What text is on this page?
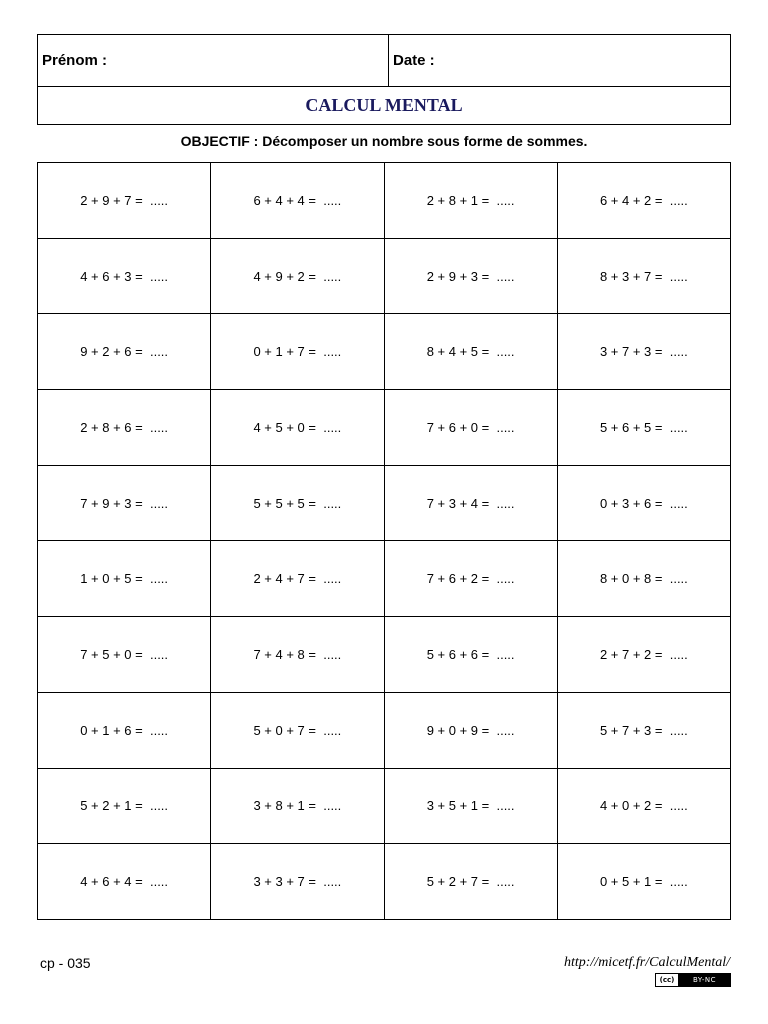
Prénom :	Date :
CALCUL MENTAL
OBJECTIF : Décomposer un nombre sous forme de sommes.
2 + 9 + 7 =  .....	6 + 4 + 4 =  .....	2 + 8 + 1 =  .....	6 + 4 + 2 =  .....
4 + 6 + 3 =  .....	4 + 9 + 2 =  .....	2 + 9 + 3 =  .....	8 + 3 + 7 =  .....
9 + 2 + 6 =  .....	0 + 1 + 7 =  .....	8 + 4 + 5 =  .....	3 + 7 + 3 =  .....
2 + 8 + 6 =  .....	4 + 5 + 0 =  .....	7 + 6 + 0 =  .....	5 + 6 + 5 =  .....
7 + 9 + 3 =  .....	5 + 5 + 5 =  .....	7 + 3 + 4 =  .....	0 + 3 + 6 =  .....
1 + 0 + 5 =  .....	2 + 4 + 7 =  .....	7 + 6 + 2 =  .....	8 + 0 + 8 =  .....
7 + 5 + 0 =  .....	7 + 4 + 8 =  .....	5 + 6 + 6 =  .....	2 + 7 + 2 =  .....
0 + 1 + 6 =  .....	5 + 0 + 7 =  .....	9 + 0 + 9 =  .....	5 + 7 + 3 =  .....
5 + 2 + 1 =  .....	3 + 8 + 1 =  .....	3 + 5 + 1 =  .....	4 + 0 + 2 =  .....
4 + 6 + 4 =  .....	3 + 3 + 7 =  .....	5 + 2 + 7 =  .....	0 + 5 + 1 =  .....
cp - 035	http://micetf.fr/CalculMental/
(cc)	BY-NC
